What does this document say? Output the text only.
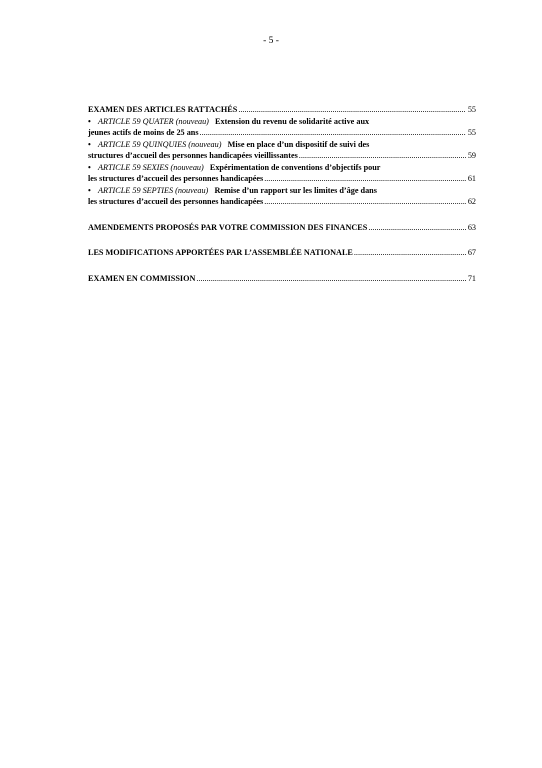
- 5 -
EXAMEN DES ARTICLES RATTACHÉS .....	55
• ARTICLE 59 QUATER (nouveau) Extension du revenu de solidarité active aux
jeunes actifs de moins de 25 ans .....	55
• ARTICLE 59 QUINQUIES (nouveau) Mise en place d’un dispositif de suivi des
structures d’accueil des personnes handicapées vieillissantes .....	59
• ARTICLE 59 SEXIES (nouveau) Expérimentation de conventions d’objectifs pour
les structures d’accueil des personnes handicapées .....	61
• ARTICLE 59 SEPTIES (nouveau) Remise d’un rapport sur les limites d’âge dans
les structures d’accueil des personnes handicapées .....	62
AMENDEMENTS PROPOSÉS PAR VOTRE COMMISSION DES FINANCES .....	63
LES MODIFICATIONS APPORTÉES PAR L’ASSEMBLÉE NATIONALE .....	67
EXAMEN EN COMMISSION .....	71
